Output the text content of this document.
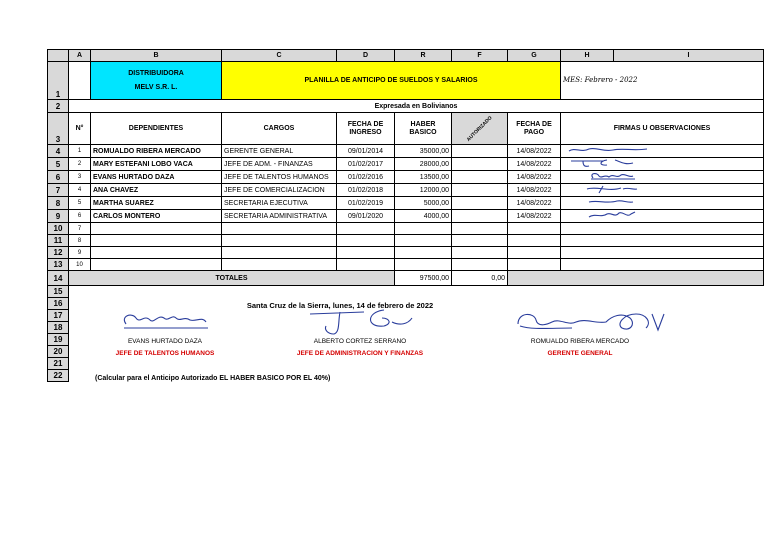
	A	B	C	D	R	F	G	H	I
1		DISTRIBUIDORA
MELV S.R. L.	PLANILLA DE ANTICIPO DE SUELDOS Y SALARIOS					MES: Febrero - 2022	
2	Expresada en Bolivianos								
3	N°	DEPENDIENTES	CARGOS	FECHA DE INGRESO	HABER BASICO	AUTORIZADO	FECHA DE PAGO	FIRMAS U OBSERVACIONES	
4	1	ROMUALDO RIBERA MERCADO	GERENTE GENERAL	09/01/2014	35000,00		14/08/2022	
5	2	MARY ESTEFANI LOBO VACA	JEFE DE ADM. - FINANZAS	01/02/2017	28000,00		14/08/2022	
6	3	EVANS HURTADO DAZA	JEFE DE TALENTOS HUMANOS	01/02/2016	13500,00		14/08/2022	
7	4	ANA CHAVEZ	JEFE DE COMERCIALIZACION	01/02/2018	12000,00		14/08/2022	
8	5	MARTHA SUAREZ	SECRETARIA EJECUTIVA	01/02/2019	5000,00		14/08/2022	
9	6	CARLOS MONTERO	SECRETARIA ADMINISTRATIVA	09/01/2020	4000,00		14/08/2022	
10	7								
11	8								
12	9								
13	10								
14	TOTALES				97500,00	0,00			
15									
16									
17									
18									
19									
20									
21									
22									
Santa Cruz de la Sierra, lunes, 14 de febrero de 2022
EVANS HURTADO DAZA	ALBERTO CORTEZ SERRANO	ROMUALDO RIBERA MERCADO
JEFE DE TALENTOS HUMANOS	JEFE DE ADMINISTRACION Y FINANZAS	GERENTE GENERAL
(Calcular para el Anticipo Autorizado EL HABER BASICO POR EL 40%)
